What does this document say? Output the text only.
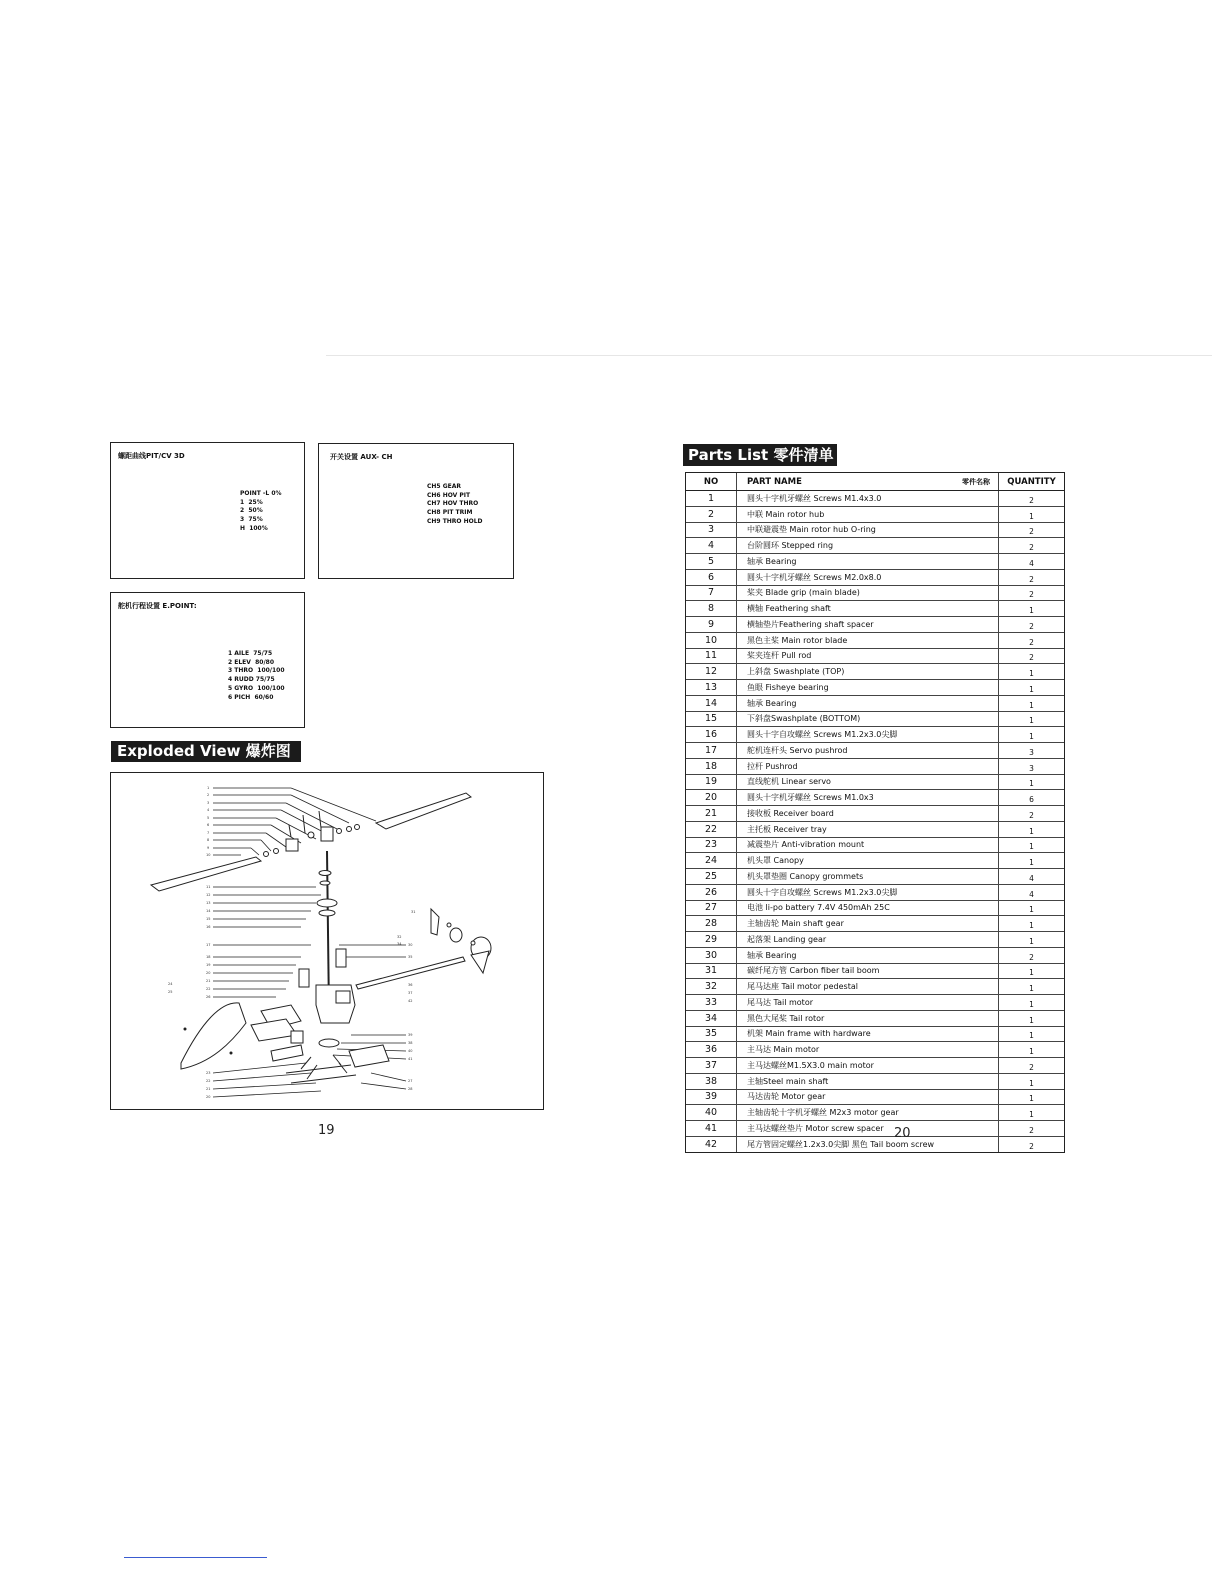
螺距曲线PIT/CV 3D
POINT -L 0%
1  25%
2  50%
3  75%
H  100%
开关设置 AUX- CH
CH5 GEAR
CH6 HOV PIT
CH7 HOV THRO
CH8 PIT TRIM
CH9 THRO HOLD
舵机行程设置 E.POINT:
1 AILE  75/75
2 ELEV  80/80
3 THRO  100/100
4 RUDD 75/75
5 GYRO  100/100
6 PICH  60/60
Exploded View 爆炸图
1
2
3
4
5
6
7
8
9
10
11
12
13
14
15
16
17
18
19
20
21
22
26
24
25
23
22
21
20
30
35
36
37
42
39
38
40
41
27
28
31
32
34
19
Parts List 零件清单
NO	PART NAME	零件名称	QUANTITY
1	圆头十字机牙螺丝 Screws M1.4x3.0	2
2	中联 Main rotor hub	1
3	中联避震垫 Main rotor hub O-ring	2
4	台阶圆环 Stepped ring	2
5	轴承 Bearing	4
6	圆头十字机牙螺丝 Screws M2.0x8.0	2
7	桨夹 Blade grip (main blade)	2
8	横轴 Feathering shaft	1
9	横轴垫片Feathering shaft spacer	2
10	黑色主桨 Main rotor blade	2
11	桨夹连杆 Pull rod	2
12	上斜盘 Swashplate (TOP)	1
13	鱼眼 Fisheye bearing	1
14	轴承 Bearing	1
15	下斜盘Swashplate (BOTTOM)	1
16	圆头十字自攻螺丝 Screws M1.2x3.0尖脚	1
17	舵机连杆头 Servo pushrod	3
18	拉杆 Pushrod	3
19	直线舵机 Linear servo	1
20	圆头十字机牙螺丝 Screws M1.0x3	6
21	接收板 Receiver board	2
22	主托板 Receiver tray	1
23	减震垫片 Anti-vibration mount	1
24	机头罩 Canopy	1
25	机头罩垫圈 Canopy grommets	4
26	圆头十字自攻螺丝 Screws M1.2x3.0尖脚	4
27	电池 li-po battery 7.4V 450mAh 25C	1
28	主轴齿轮 Main shaft gear	1
29	起落架 Landing gear	1
30	轴承 Bearing	2
31	碳纤尾方管 Carbon fiber tail boom	1
32	尾马达座 Tail motor pedestal	1
33	尾马达 Tail motor	1
34	黑色大尾桨 Tail rotor	1
35	机架 Main frame with hardware	1
36	主马达 Main motor	1
37	主马达螺丝M1.5X3.0 main motor	2
38	主轴Steel main shaft	1
39	马达齿轮 Motor gear	1
40	主轴齿轮十字机牙螺丝 M2x3 motor gear	1
41	主马达螺丝垫片 Motor screw spacer	2
42	尾方管固定螺丝1.2x3.0尖脚 黑色 Tail boom screw	2
20
